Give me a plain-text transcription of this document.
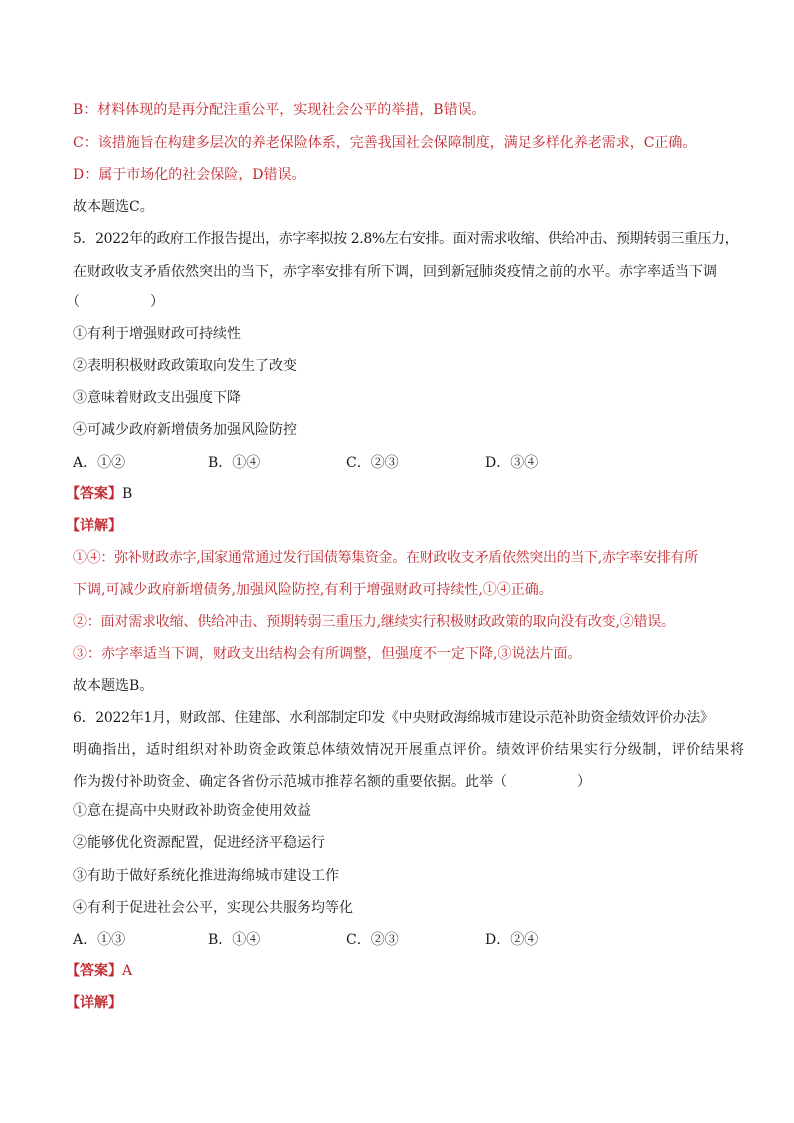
B：材料体现的是再分配注重公平，实现社会公平的举措，B错误。
C：该措施旨在构建多层次的养老保险体系，完善我国社会保障制度，满足多样化养老需求，C正确。
D：属于市场化的社会保险，D错误。
故本题选C。
5．2022年的政府工作报告提出，赤字率拟按 2.8%左右安排。面对需求收缩、供给冲击、预期转弱三重压力，
在财政收支矛盾依然突出的当下，赤字率安排有所下调，回到新冠肺炎疫情之前的水平。赤字率适当下调
（　　　　　）
①有利于增强财政可持续性
②表明积极财政政策取向发生了改变
③意味着财政支出强度下降
④可减少政府新增债务加强风险防控
A．①②	B．①④	C．②③	D．③④
【答案】B
【详解】
①④：弥补财政赤字,国家通常通过发行国债筹集资金。在财政收支矛盾依然突出的当下,赤字率安排有所
下调,可减少政府新增债务,加强风险防控,有利于增强财政可持续性,①④正确。
②：面对需求收缩、供给冲击、预期转弱三重压力,继续实行积极财政政策的取向没有改变,②错误。
③：赤字率适当下调，财政支出结构会有所调整，但强度不一定下降,③说法片面。
故本题选B。
6．2022年1月，财政部、住建部、水利部制定印发《中央财政海绵城市建设示范补助资金绩效评价办法》
明确指出，适时组织对补助资金政策总体绩效情况开展重点评价。绩效评价结果实行分级制，评价结果将
作为拨付补助资金、确定各省份示范城市推荐名额的重要依据。此举（　　　　　）
①意在提高中央财政补助资金使用效益
②能够优化资源配置，促进经济平稳运行
③有助于做好系统化推进海绵城市建设工作
④有利于促进社会公平，实现公共服务均等化
A．①③	B．①④	C．②③	D．②④
【答案】A
【详解】
